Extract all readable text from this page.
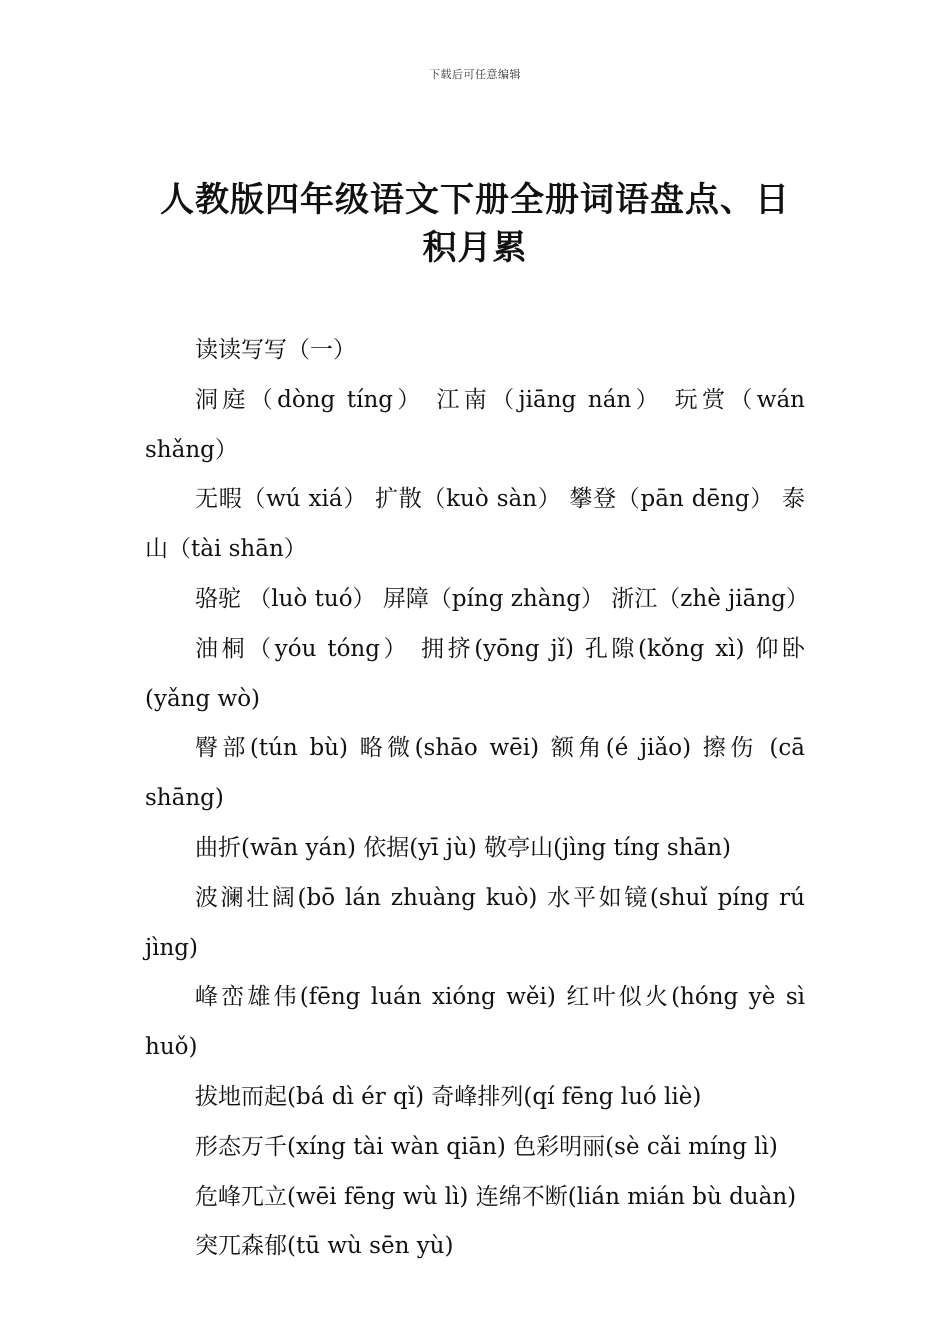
下载后可任意编辑
人教版四年级语文下册全册词语盘点、日积月累

读读写写（一）

洞庭（dòng tíng） 江南（jiāng nán） 玩赏（wán shǎng）

无暇（wú xiá） 扩散（kuò sàn） 攀登（pān dēng） 泰山（tài shān）

骆驼 （luò tuó） 屏障（píng zhàng） 浙江（zhè jiāng）

油桐（yóu tóng） 拥挤(yōng jǐ) 孔隙(kǒng xì) 仰卧(yǎng wò)

臀部(tún bù) 略微(shāo wēi) 额角(é jiǎo) 擦伤 (cā shāng)

曲折(wān yán) 依据(yī jù) 敬亭山(jìng tíng shān)

波澜壮阔(bō lán zhuàng kuò) 水平如镜(shuǐ píng rú jìng)

峰峦雄伟(fēng luán xióng wěi) 红叶似火(hóng yè sì huǒ)

拔地而起(bá dì ér qǐ) 奇峰排列(qí fēng luó liè)

形态万千(xíng tài wàn qiān) 色彩明丽(sè cǎi míng lì)

危峰兀立(wēi fēng wù lì) 连绵不断(lián mián bù duàn)

突兀森郁(tū wù sēn yù)
